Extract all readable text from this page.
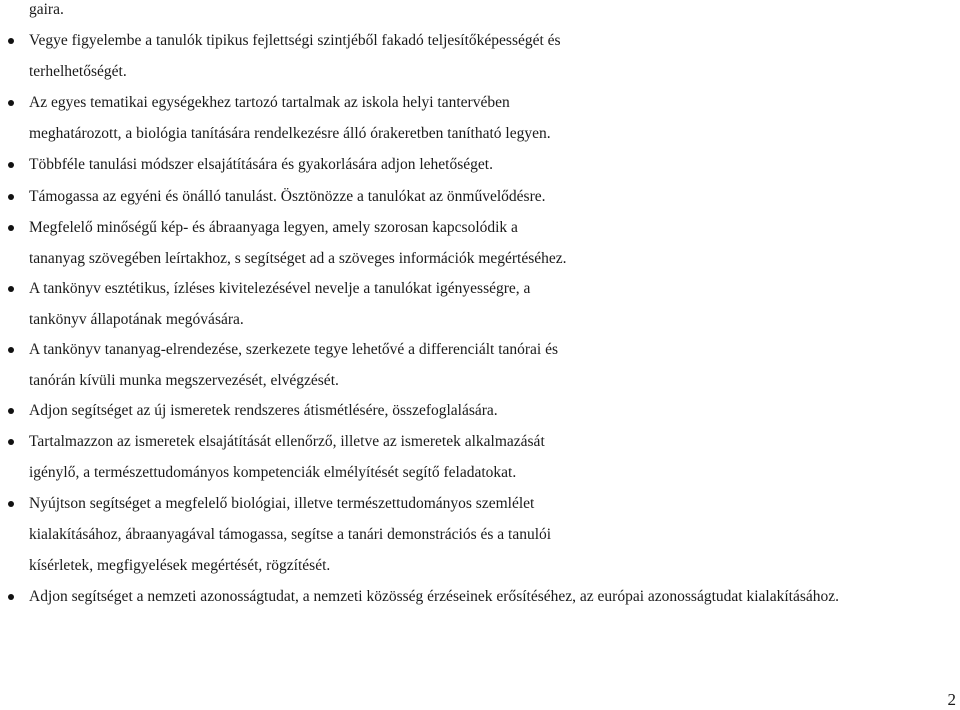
gaira.
Vegye figyelembe a tanulók tipikus fejlettségi szintjéből fakadó teljesítőképességét és
terhelhetőségét.
Az egyes tematikai egységekhez tartozó tartalmak az iskola helyi tantervében
meghatározott, a biológia tanítására rendelkezésre álló órakeretben tanítható legyen.
Többféle tanulási módszer elsajátítására és gyakorlására adjon lehetőséget.
Támogassa az egyéni és önálló tanulást. Ösztönözze a tanulókat az önművelődésre.
Megfelelő minőségű kép- és ábraanyaga legyen, amely szorosan kapcsolódik a
tananyag szövegében leírtakhoz, s segítséget ad a szöveges információk megértéséhez.
A tankönyv esztétikus, ízléses kivitelezésével nevelje a tanulókat igényességre, a
tankönyv állapotának megóvására.
A tankönyv tananyag-elrendezése, szerkezete tegye lehetővé a differenciált tanórai és
tanórán kívüli munka megszervezését, elvégzését.
Adjon segítséget az új ismeretek rendszeres átismétlésére, összefoglalására.
Tartalmazzon az ismeretek elsajátítását ellenőrző, illetve az ismeretek alkalmazását
igénylő, a természettudományos kompetenciák elmélyítését segítő feladatokat.
Nyújtson segítséget a megfelelő biológiai, illetve természettudományos szemlélet
kialakításához, ábraanyagával támogassa, segítse a tanári demonstrációs és a tanulói
kísérletek, megfigyelések megértését, rögzítését.
Adjon segítséget a nemzeti azonosságtudat, a nemzeti közösség érzéseinek erősítéséhez, az európai azonosságtudat kialakításához.
2
